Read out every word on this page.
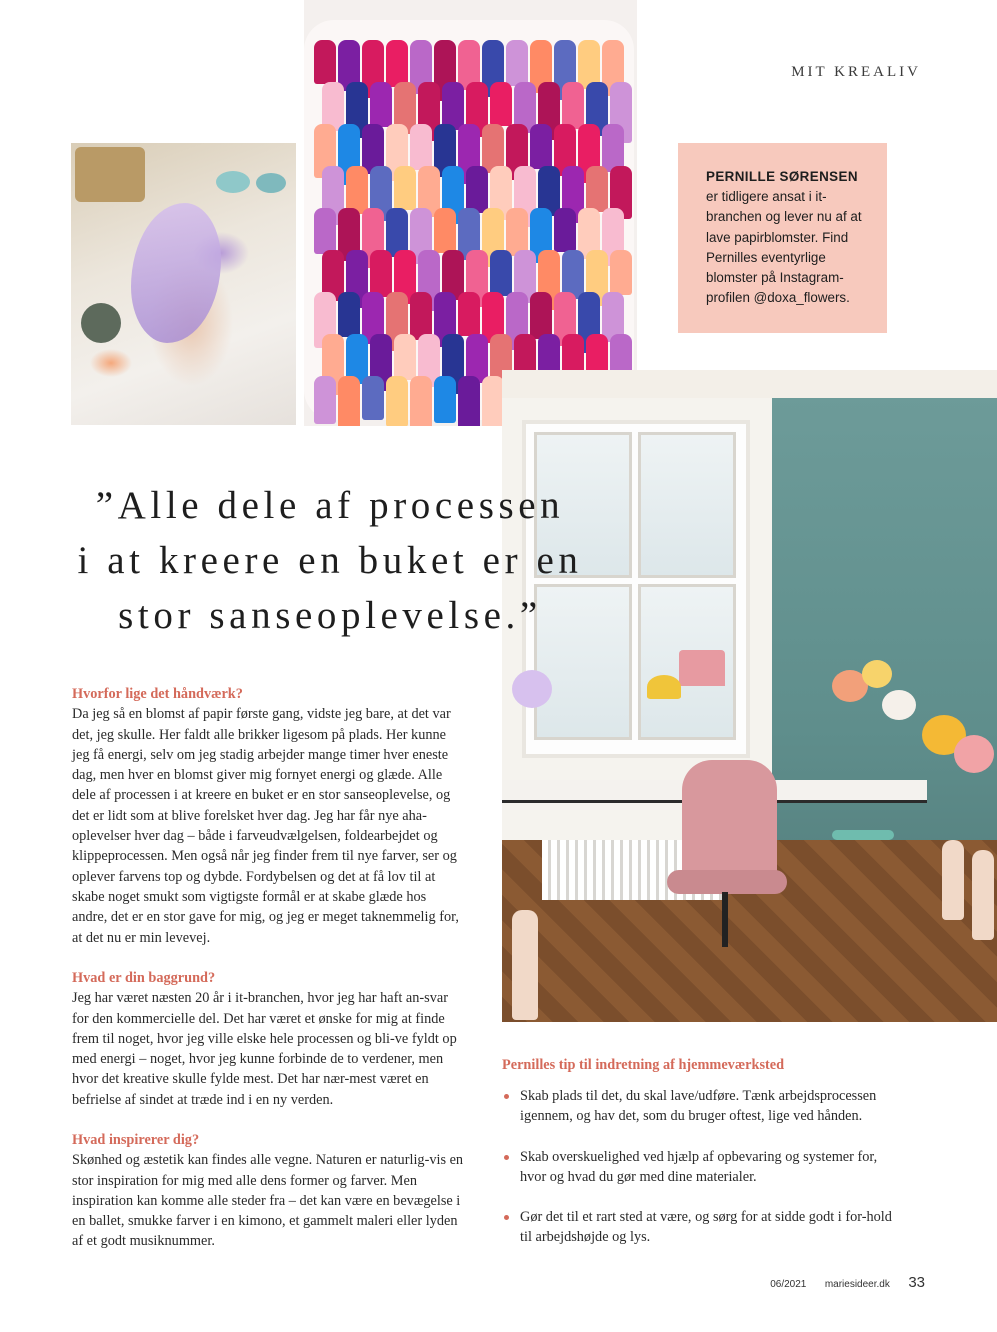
MIT KREALIV
”Alle dele af processen
i at kreere en buket er en
stor sanseoplevelse.”
PERNILLE SØRENSEN
er tidligere ansat i it-branchen og lever nu af at lave papirblomster. Find Pernilles eventyrlige blomster på Instagram-profilen @doxa_flowers.
Hvorfor lige det håndværk?

Da jeg så en blomst af papir første gang, vidste jeg bare, at det var det, jeg skulle. Her faldt alle brikker ligesom på plads. Her kunne jeg få energi, selv om jeg stadig arbejder mange timer hver eneste dag, men hver en blomst giver mig fornyet energi og glæde. Alle dele af processen i at kreere en buket er en stor sanseoplevelse, og det er lidt som at blive forelsket hver dag. Jeg har får nye aha-oplevelser hver dag – både i farveudvælgelsen, foldearbejdet og klippeprocessen. Men også når jeg finder frem til nye farver, ser og oplever farvens top og dybde. Fordybelsen og det at få lov til at skabe noget smukt som vigtigste formål er at skabe glæde hos andre, det er en stor gave for mig, og jeg er meget taknemmelig for, at det nu er min levevej.

Hvad er din baggrund?

Jeg har været næsten 20 år i it-branchen, hvor jeg har haft an-svar for den kommercielle del. Det har været et ønske for mig at finde frem til noget, hvor jeg ville elske hele processen og bli-ve fyldt op med energi – noget, hvor jeg kunne forbinde de to verdener, men hvor det kreative skulle fylde mest. Det har nær-mest været en befrielse af sindet at træde ind i en ny verden.

Hvad inspirerer dig?

Skønhed og æstetik kan findes alle vegne. Naturen er naturlig-vis en stor inspiration for mig med alle dens former og farver. Men inspiration kan komme alle steder fra – det kan være en bevægelse i en ballet, smukke farver i en kimono, et gammelt maleri eller lyden af et godt musiknummer.

Pernilles tip til indretning af hjemmeværksted
Skab plads til det, du skal lave/udføre. Tænk arbejdsprocessen igennem, og hav det, som du bruger oftest, lige ved hånden.
Skab overskuelighed ved hjælp af opbevaring og systemer for, hvor og hvad du gør med dine materialer.
Gør det til et rart sted at være, og sørg for at sidde godt i for-hold til arbejdshøjde og lys.
06/2021 mariesideer.dk 33
